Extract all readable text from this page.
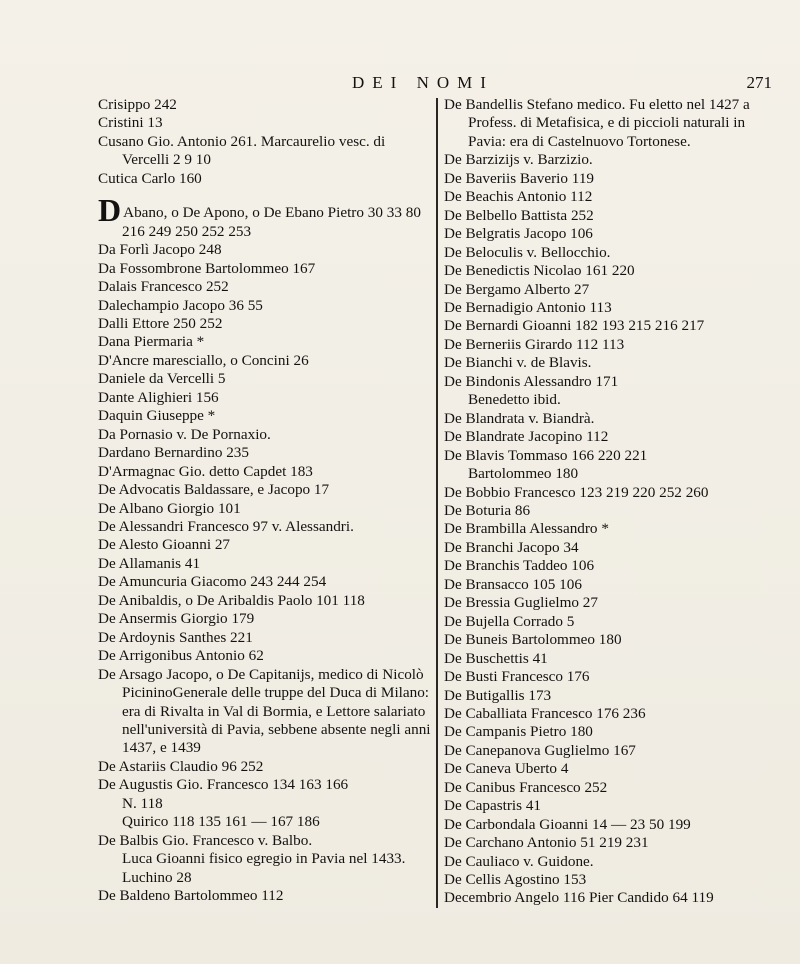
DEI NOMI	271
Crisippo 242
Cristini 13
Cusano Gio. Antonio 261. Marcaurelio vesc. di Vercelli 2 9 10
Cutica Carlo 160
D Abano, o De Apono, o De Ebano Pietro 30 33 80 216 249 250 252 253
Da Forlì Jacopo 248
Da Fossombrone Bartolommeo 167
Dalais Francesco 252
Dalechampio Jacopo 36 55
Dalli Ettore 250 252
Dana Piermaria *
D'Ancre maresciallo, o Concini 26
Daniele da Vercelli 5
Dante Alighieri 156
Daquin Giuseppe *
Da Pornasio v. De Pornaxio.
Dardano Bernardino 235
D'Armagnac Gio. detto Capdet 183
De Advocatis Baldassare, e Jacopo 17
De Albano Giorgio 101
De Alessandri Francesco 97 v. Alessandri.
De Alesto Gioanni 27
De Allamanis 41
De Amuncuria Giacomo 243 244 254
De Anibaldis, o De Aribaldis Paolo 101 118
De Ansermis Giorgio 179
De Ardoynis Santhes 221
De Arrigonibus Antonio 62
De Arsago Jacopo, o De Capitanijs, medico di Nicolò PicininoGenerale delle truppe del Duca di Milano: era di Rivalta in Val di Bormia, e Lettore salariato nell'università di Pavia, sebbene absente negli anni 1437, e 1439
De Astariis Claudio 96 252
De Augustis Gio. Francesco 134 163 166
N. 118
Quirico 118 135 161 — 167 186
De Balbis Gio. Francesco v. Balbo.
Luca Gioanni fisico egregio in Pavia nel 1433. Luchino 28
De Baldeno Bartolommeo 112
De Bandellis Stefano medico. Fu eletto nel 1427 a Profess. di Metafisica, e di piccioli naturali in Pavia: era di Castelnuovo Tortonese.
De Barzizijs v. Barzizio.
De Baveriis Baverio 119
De Beachis Antonio 112
De Belbello Battista 252
De Belgratis Jacopo 106
De Beloculis v. Bellocchio.
De Benedictis Nicolao 161 220
De Bergamo Alberto 27
De Bernadigio Antonio 113
De Bernardi Gioanni 182 193 215 216 217
De Berneriis Girardo 112 113
De Bianchi v. de Blavis.
De Bindonis Alessandro 171
Benedetto ibid.
De Blandrata v. Biandrà.
De Blandrate Jacopino 112
De Blavis Tommaso 166 220 221
Bartolommeo 180
De Bobbio Francesco 123 219 220 252 260
De Boturia 86
De Brambilla Alessandro *
De Branchi Jacopo 34
De Branchis Taddeo 106
De Bransacco 105 106
De Bressia Guglielmo 27
De Bujella Corrado 5
De Buneis Bartolommeo 180
De Buschettis 41
De Busti Francesco 176
De Butigallis 173
De Caballiata Francesco 176 236
De Campanis Pietro 180
De Canepanova Guglielmo 167
De Caneva Uberto 4
De Canibus Francesco 252
De Capastris 41
De Carbondala Gioanni 14 — 23 50 199
De Carchano Antonio 51 219 231
De Cauliaco v. Guidone.
De Cellis Agostino 153
Decembrio Angelo 116 Pier Candido 64 119
